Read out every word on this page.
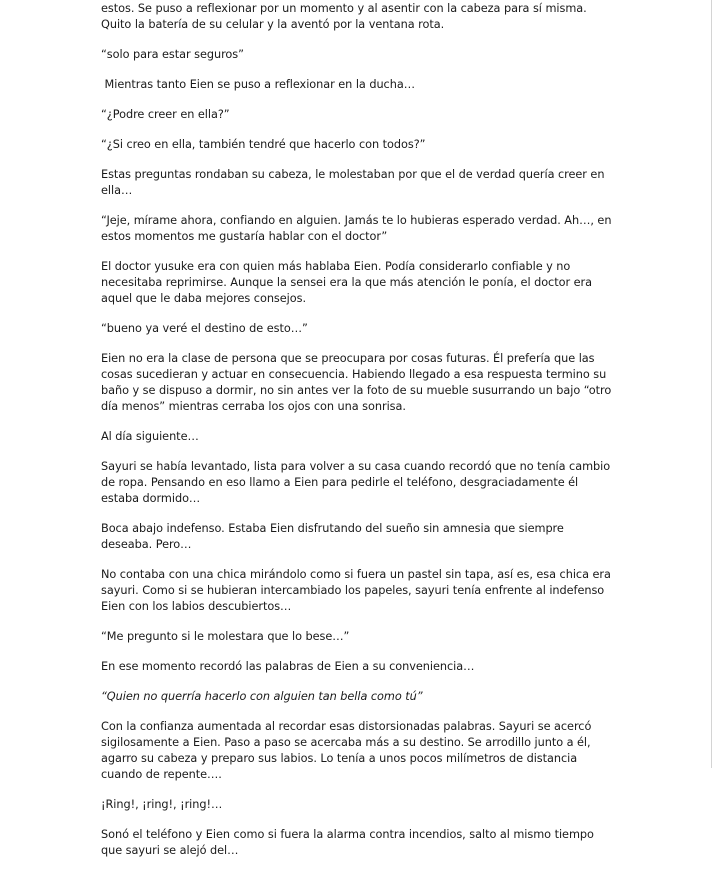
estos. Se puso a reflexionar por un momento y al asentir con la cabeza para sí misma. Quito la batería de su celular y la aventó por la ventana rota.

“solo para estar seguros”

Mientras tanto Eien se puso a reflexionar en la ducha…

“¿Podre creer en ella?”

“¿Si creo en ella, también tendré que hacerlo con todos?”

Estas preguntas rondaban su cabeza, le molestaban por que el de verdad quería creer en ella…

“Jeje, mírame ahora, confiando en alguien. Jamás te lo hubieras esperado verdad. Ah…, en estos momentos me gustaría hablar con el doctor”

El doctor yusuke era con quien más hablaba Eien. Podía considerarlo confiable y no necesitaba reprimirse. Aunque la sensei era la que más atención le ponía, el doctor era aquel que le daba mejores consejos.

“bueno ya veré el destino de esto…”

Eien no era la clase de persona que se preocupara por cosas futuras. Él prefería que las cosas sucedieran y actuar en consecuencia. Habiendo llegado a esa respuesta termino su baño y se dispuso a dormir, no sin antes ver la foto de su mueble susurrando un bajo “otro día menos” mientras cerraba los ojos con una sonrisa.

Al día siguiente…

Sayuri se había levantado, lista para volver a su casa cuando recordó que no tenía cambio de ropa. Pensando en eso llamo a Eien para pedirle el teléfono, desgraciadamente él estaba dormido…

Boca abajo indefenso. Estaba Eien disfrutando del sueño sin amnesia que siempre  deseaba. Pero…

No contaba con una chica mirándolo como si fuera un pastel sin tapa, así es, esa chica era sayuri. Como si se hubieran intercambiado los papeles, sayuri tenía enfrente al indefenso Eien con los labios descubiertos…

“Me pregunto si le molestara que lo bese…”

En ese momento recordó las palabras de Eien a su conveniencia…

“Quien no querría hacerlo con alguien tan bella como tú”

Con la confianza aumentada al recordar esas distorsionadas palabras. Sayuri se acercó sigilosamente a Eien. Paso a paso se acercaba más a su destino. Se arrodillo junto a él, agarro su cabeza y preparo sus labios. Lo tenía a unos pocos milímetros de distancia cuando de repente….

¡Ring!, ¡ring!, ¡ring!…

Sonó el teléfono y Eien como si fuera la alarma contra incendios, salto al mismo tiempo que sayuri se alejó del…
